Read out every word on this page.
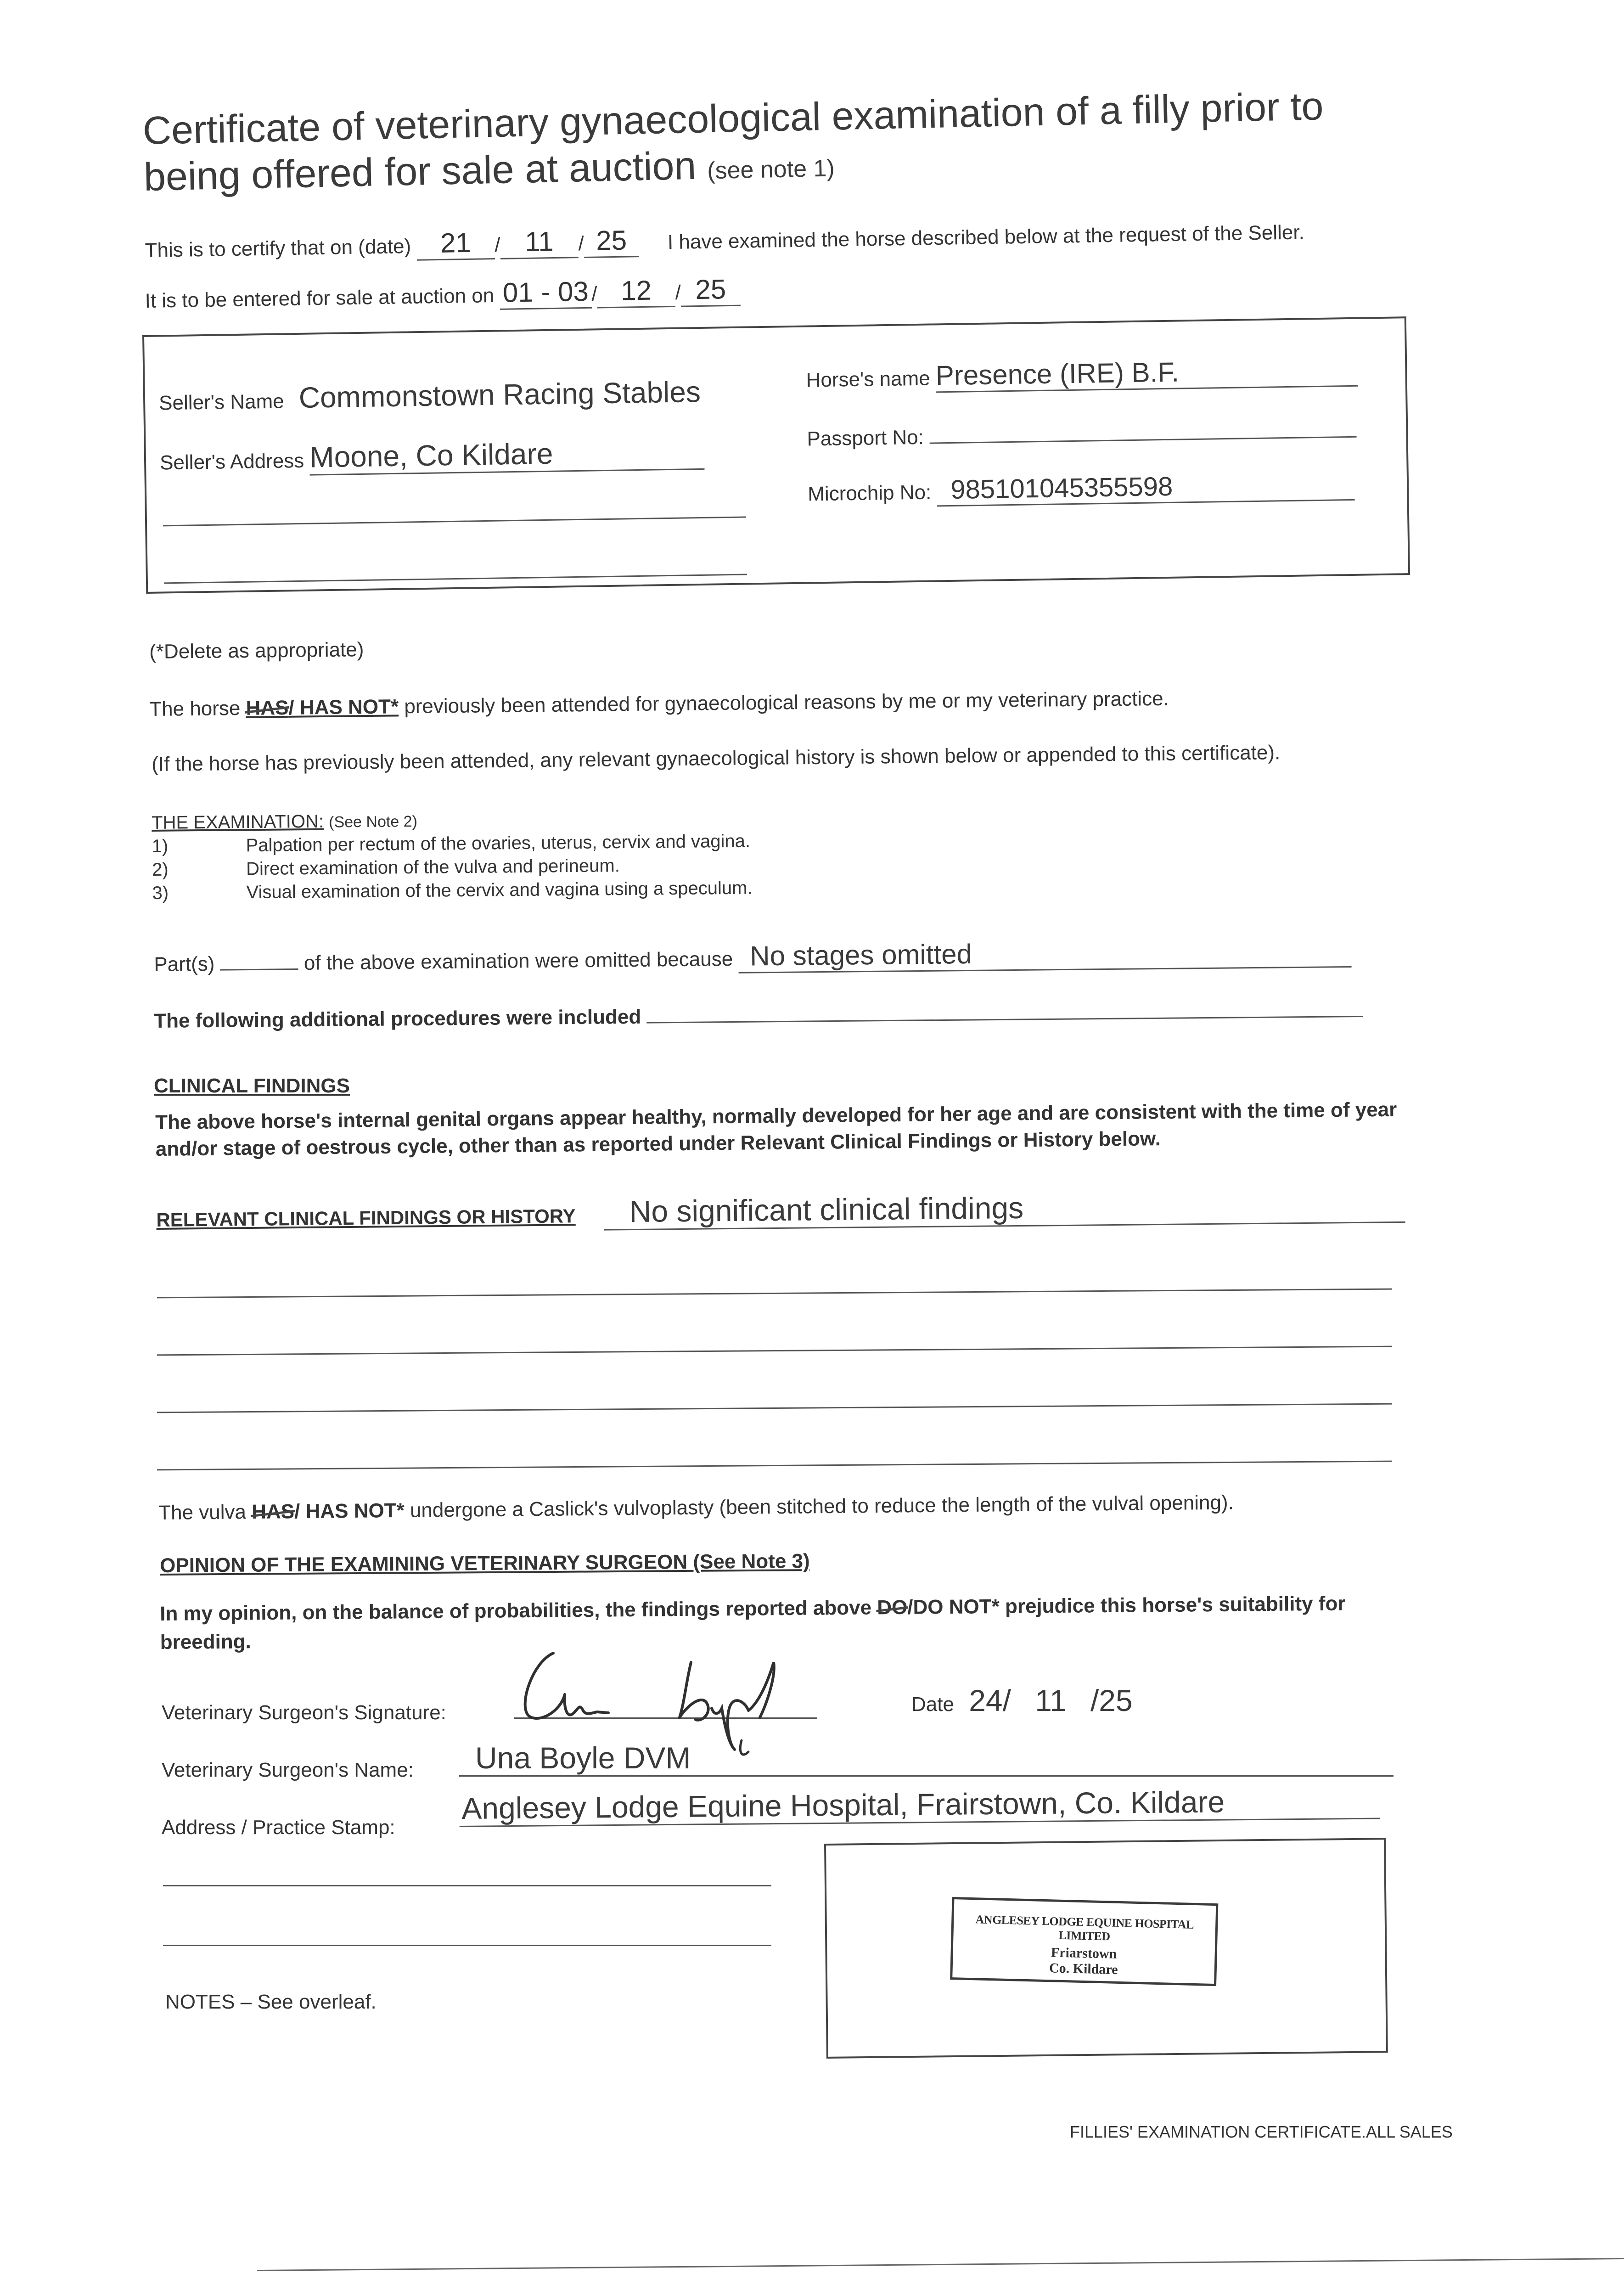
Certificate of veterinary gynaecological examination of a filly prior to
being offered for sale at auction (see note 1)
This is to certify that on (date) 21 / 11 / 25 I have examined the horse described below at the request of the Seller.
It is to be entered for sale at auction on 01 - 03 / 12 / 25
Seller's Name Commonstown Racing Stables
Seller's Address Moone, Co Kildare
Horse's name Presence (IRE) B.F.
Passport No:
Microchip No: 985101045355598
(*Delete as appropriate)
The horse HAS/ HAS NOT* previously been attended for gynaecological reasons by me or my veterinary practice.
(If the horse has previously been attended, any relevant gynaecological history is shown below or appended to this certificate).
THE EXAMINATION: (See Note 2)
1)	Palpation per rectum of the ovaries, uterus, cervix and vagina.
2)	Direct examination of the vulva and perineum.
3)	Visual examination of the cervix and vagina using a speculum.
Part(s)	of the above examination were omitted because No stages omitted
The following additional procedures were included
CLINICAL FINDINGS
The above horse's internal genital organs appear healthy, normally developed for her age and are consistent with the time of year
and/or stage of oestrous cycle, other than as reported under Relevant Clinical Findings or History below.
RELEVANT CLINICAL FINDINGS OR HISTORY No significant clinical findings
The vulva HAS/ HAS NOT* undergone a Caslick's vulvoplasty (been stitched to reduce the length of the vulval opening).
OPINION OF THE EXAMINING VETERINARY SURGEON (See Note 3)
In my opinion, on the balance of probabilities, the findings reported above DO/DO NOT* prejudice this horse's suitability for
breeding.
Veterinary Surgeon's Signature:	Date 24/ 11 /25
Veterinary Surgeon's Name:	Una Boyle DVM
Address / Practice Stamp:
Anglesey Lodge Equine Hospital, Frairstown, Co. Kildare
ANGLESEY LODGE EQUINE HOSPITAL LIMITED
Friarstown
Co. Kildare
NOTES – See overleaf.
FILLIES' EXAMINATION CERTIFICATE.ALL SALES
